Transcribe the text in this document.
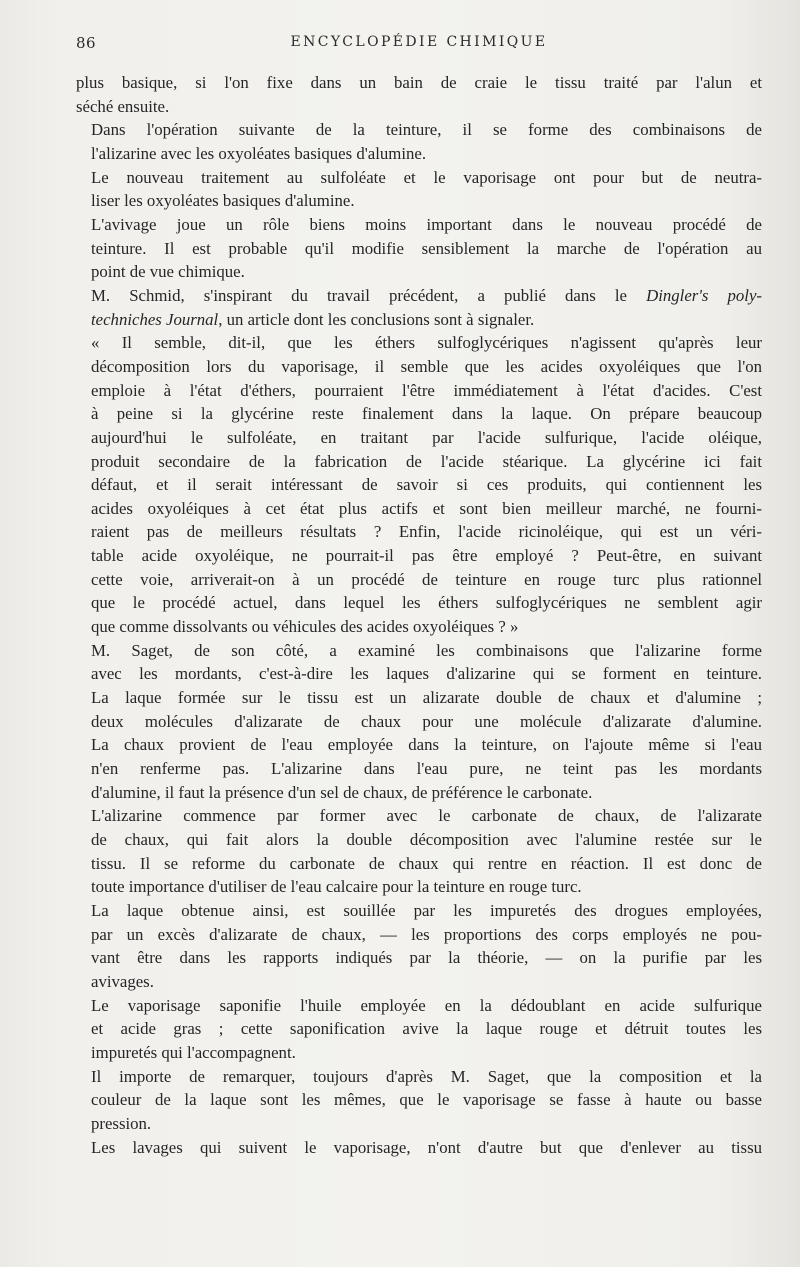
86	ENCYCLOPÉDIE CHIMIQUE

plus basique, si l'on fixe dans un bain de craie le tissu traité par l'alun et
séché ensuite.

Dans l'opération suivante de la teinture, il se forme des combinaisons de
l'alizarine avec les oxyoléates basiques d'alumine.

Le nouveau traitement au sulfoléate et le vaporisage ont pour but de neutra-
liser les oxyoléates basiques d'alumine.

L'avivage joue un rôle biens moins important dans le nouveau procédé de
teinture. Il est probable qu'il modifie sensiblement la marche de l'opération au
point de vue chimique.

M. Schmid, s'inspirant du travail précédent, a publié dans le Dingler's poly-
techniches Journal, un article dont les conclusions sont à signaler.

« Il semble, dit-il, que les éthers sulfoglycériques n'agissent qu'après leur
décomposition lors du vaporisage, il semble que les acides oxyoléiques que l'on
emploie à l'état d'éthers, pourraient l'être immédiatement à l'état d'acides. C'est
à peine si la glycérine reste finalement dans la laque. On prépare beaucoup
aujourd'hui le sulfoléate, en traitant par l'acide sulfurique, l'acide oléique,
produit secondaire de la fabrication de l'acide stéarique. La glycérine ici fait
défaut, et il serait intéressant de savoir si ces produits, qui contiennent les
acides oxyoléiques à cet état plus actifs et sont bien meilleur marché, ne fourni-
raient pas de meilleurs résultats ? Enfin, l'acide ricinoléique, qui est un véri-
table acide oxyoléique, ne pourrait-il pas être employé ? Peut-être, en suivant
cette voie, arriverait-on à un procédé de teinture en rouge turc plus rationnel
que le procédé actuel, dans lequel les éthers sulfoglycériques ne semblent agir
que comme dissolvants ou véhicules des acides oxyoléiques ? »

M. Saget, de son côté, a examiné les combinaisons que l'alizarine forme
avec les mordants, c'est-à-dire les laques d'alizarine qui se forment en teinture.
La laque formée sur le tissu est un alizarate double de chaux et d'alumine ;
deux molécules d'alizarate de chaux pour une molécule d'alizarate d'alumine.
La chaux provient de l'eau employée dans la teinture, on l'ajoute même si l'eau
n'en renferme pas. L'alizarine dans l'eau pure, ne teint pas les mordants
d'alumine, il faut la présence d'un sel de chaux, de préférence le carbonate.

L'alizarine commence par former avec le carbonate de chaux, de l'alizarate
de chaux, qui fait alors la double décomposition avec l'alumine restée sur le
tissu. Il se reforme du carbonate de chaux qui rentre en réaction. Il est donc de
toute importance d'utiliser de l'eau calcaire pour la teinture en rouge turc.

La laque obtenue ainsi, est souillée par les impuretés des drogues employées,
par un excès d'alizarate de chaux, — les proportions des corps employés ne pou-
vant être dans les rapports indiqués par la théorie, — on la purifie par les
avivages.

Le vaporisage saponifie l'huile employée en la dédoublant en acide sulfurique
et acide gras ; cette saponification avive la laque rouge et détruit toutes les
impuretés qui l'accompagnent.

Il importe de remarquer, toujours d'après M. Saget, que la composition et la
couleur de la laque sont les mêmes, que le vaporisage se fasse à haute ou basse
pression.

Les lavages qui suivent le vaporisage, n'ont d'autre but que d'enlever au tissu
